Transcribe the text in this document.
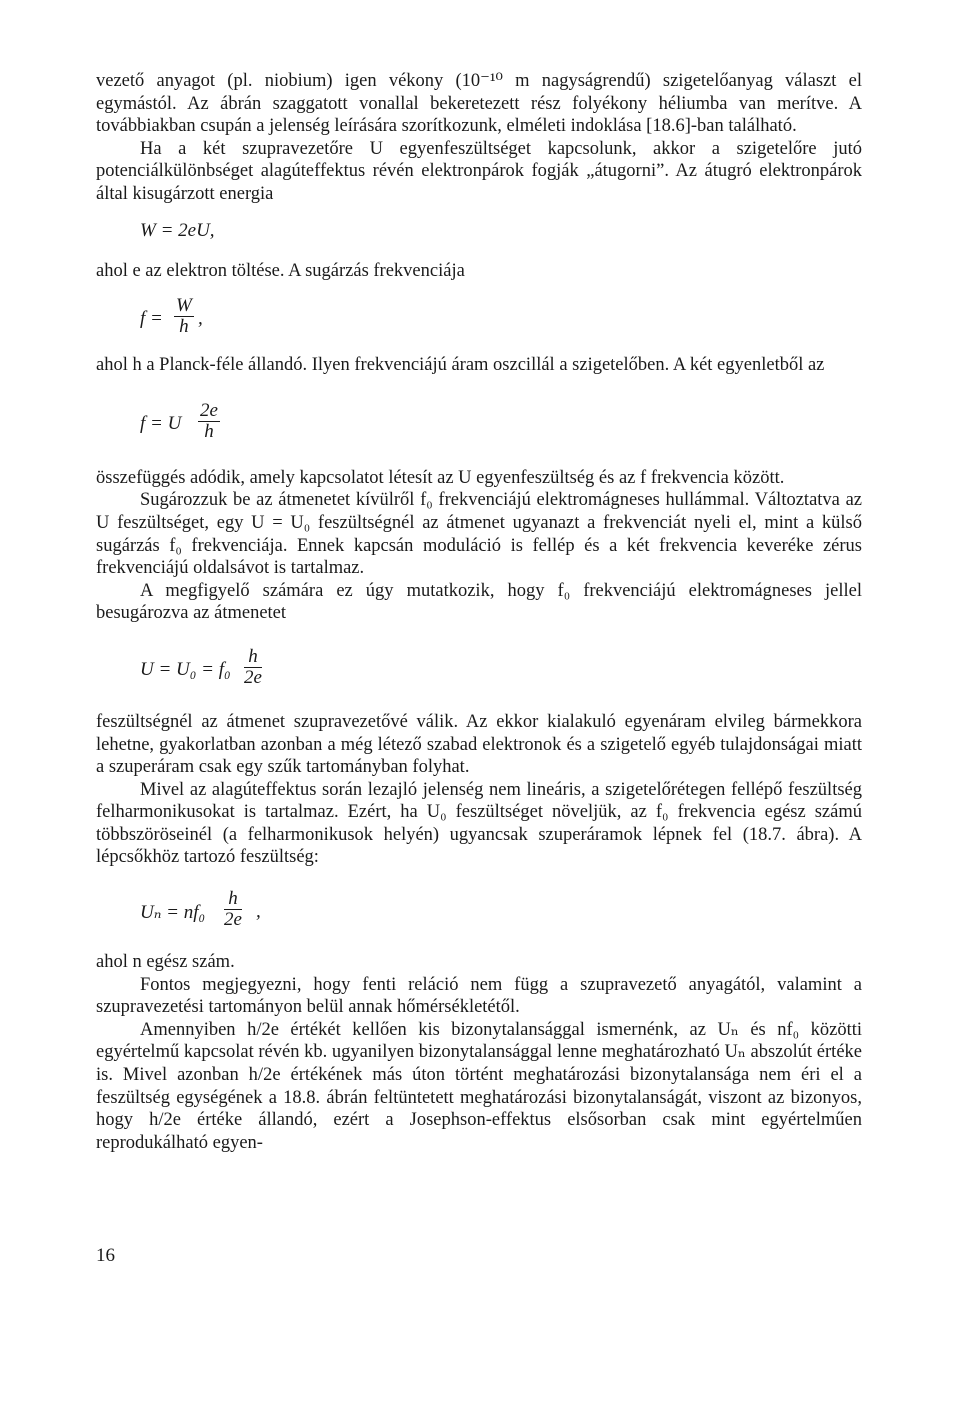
vezető anyagot (pl. niobium) igen vékony (10⁻¹⁰ m nagyságrendű) szigetelőanyag választ el egymástól. Az ábrán szaggatott vonallal bekeretezett rész folyékony héliumba van merítve. A továbbiakban csupán a jelenség leírására szorítkozunk, elméleti indoklása [18.6]-ban található.

Ha a két szupravezetőre U egyenfeszültséget kapcsolunk, akkor a szigetelőre jutó potenciálkülönbséget alagúteffektus révén elektronpárok fogják „átugorni”. Az átugró elektronpárok által kisugárzott energia

W = 2eU,

ahol e az elektron töltése. A sugárzás frekvenciája

$f = \frac{W}{h}$ ,

ahol h a Planck-féle állandó. Ilyen frekvenciájú áram oszcillál a szigetelőben. A két egyenletből az

f = U $\frac{2e}{h}$

összefüggés adódik, amely kapcsolatot létesít az U egyenfeszültség és az f frekvencia között.

Sugározzuk be az átmenetet kívülről f₀ frekvenciájú elektromágneses hullámmal. Változtatva az U feszültséget, egy U = U₀ feszültségnél az átmenet ugyanazt a frekvenciát nyeli el, mint a külső sugárzás f₀ frekvenciája. Ennek kapcsán moduláció is fellép és a két frekvencia keveréke zérus frekvenciájú oldalsávot is tartalmaz.

A megfigyelő számára ez úgy mutatkozik, hogy f₀ frekvenciájú elektromágneses jellel besugározva az átmenetet

$U = U_0 = f_0 \frac{h}{2e}$

feszültségnél az átmenet szupravezetővé válik. Az ekkor kialakuló egyenáram elvileg bármekkora lehetne, gyakorlatban azonban a még létező szabad elektronok és a szigetelő egyéb tulajdonságai miatt a szuperáram csak egy szűk tartományban folyhat.

Mivel az alagúteffektus során lezajló jelenség nem lineáris, a szigetelőrétegen fellépő feszültség felharmonikusokat is tartalmaz. Ezért, ha U₀ feszültséget növeljük, az f₀ frekvencia egész számú többszöröseinél (a felharmonikusok helyén) ugyancsak szuperáramok lépnek fel (18.7. ábra). A lépcsőkhöz tartozó feszültség:

$U_n = nf_0 \frac{h}{2e}$ ,

ahol n egész szám.

Fontos megjegyezni, hogy fenti reláció nem függ a szupravezető anyagától, valamint a szupravezetési tartományon belül annak hőmérsékletétől.

Amennyiben h/2e értékét kellően kis bizonytalansággal ismernénk, az Uₙ és nf₀ közötti egyértelmű kapcsolat révén kb. ugyanilyen bizonytalansággal lenne meghatározható Uₙ abszolút értéke is. Mivel azonban h/2e értékének más úton történt meghatározási bizonytalansága nem éri el a feszültség egységének a 18.8. ábrán feltüntetett meghatározási bizonytalanságát, viszont az bizonyos, hogy h/2e értéke állandó, ezért a Josephson-effektus elsősorban csak mint egyértelműen reprodukálható egyen-

16
